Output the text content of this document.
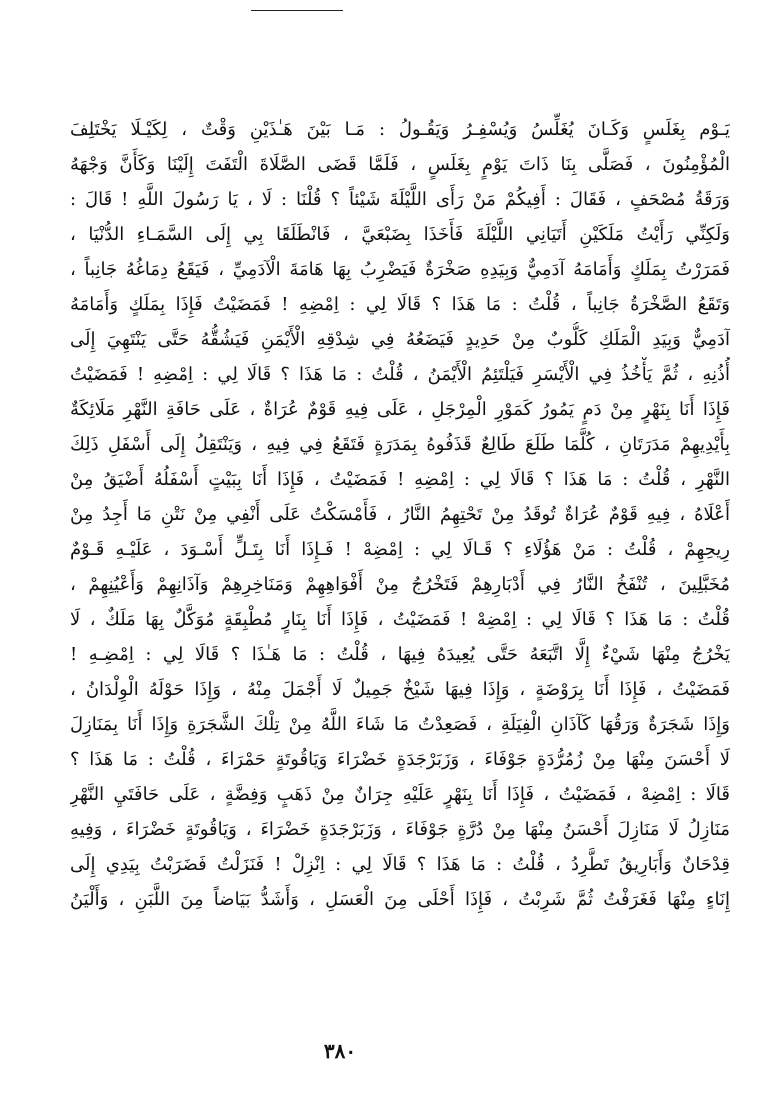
يَـوْم بِغَلَسٍ وَكَـانَ يُغَلِّسُ وَيُسْفِـرُ وَيَقُـولُ : مَـا بَيْنَ هَـٰذَيْنِ وَقْتٌ ، لِكَيْـلَا يَخْتَلِفَ
الْمُؤْمِنُونَ ، فَصَلَّى بِنَا ذَاتَ يَوْمٍ بِغَلَسٍ ، فَلَمَّا قَضَى الصَّلَاةَ الْتَفَتَ إِلَيْنَا وَكَأَنَّ وَجْهَهُ
وَرَقَةُ مُصْحَفٍ ، فَقَالَ : أَفِيكُمْ مَنْ رَأَى اللَّيْلَةَ شَيْئاً ؟ قُلْنَا : لَا ، يَا رَسُولَ اللَّهِ ! قَالَ :
وَلَكِنِّي رَأَيْتُ مَلَكَيْنِ أَتَيَانِي اللَّيْلَةَ فَأَخَذَا بِضَبْعَيَّ ، فَانْطَلَقَا بِي إِلَى السَّمَـاءِ الدُّنْيَا ،
فَمَرَرْتُ بِمَلَكٍ وَأَمَامَهُ آدَمِيٌّ وَبِيَدِهِ صَخْرَةٌ فَيَضْرِبُ بِهَا هَامَةَ الْآدَمِيِّ ، فَيَقَعُ دِمَاغُهُ جَانِباً ،
وَتَقَعُ الصَّخْرَةُ جَانِباً ، قُلْتُ : مَا هَذَا ؟ قَالَا لِي : اِمْضِهِ ! فَمَضَيْتُ فَإِذَا بِمَلَكٍ وَأَمَامَهُ
آدَمِيٌّ وَبِيَدِ الْمَلَكِ كَلُّوبٌ مِنْ حَدِيدٍ فَيَضَعُهُ فِي شِدْقِهِ الْأَيْمَنِ فَيَشُقُّهُ حَتَّى يَنْتَهِيَ إِلَى
أُذُنِهِ ، ثُمَّ يَأْخُذُ فِي الْأَيْسَرِ فَيَلْتَئِمُ الْأَيْمَنُ ، قُلْتُ : مَا هَذَا ؟ قَالَا لِي : اِمْضِهِ ! فَمَضَيْتُ
فَإِذَا أَنَا بِنَهْرٍ مِنْ دَمٍ يَمُورُ كَمَوْرِ الْمِرْجَلِ ، عَلَى فِيهِ قَوْمٌ عُرَاةٌ ، عَلَى حَافَةِ النَّهْرِ مَلَائِكَةٌ
بِأَيْدِيهِمْ مَدَرَتَانِ ، كُلَّمَا طَلَعَ طَالِعٌ قَذَفُوهُ بِمَدَرَةٍ فَتَقَعُ فِي فِيهِ ، وَيَنْتَقِلُ إِلَى أَسْفَلِ ذَلِكَ
النَّهْرِ ، قُلْتُ : مَا هَذَا ؟ قَالَا لِي : اِمْضِهِ ! فَمَضَيْتُ ، فَإِذَا أَنَا بِبَيْتٍ أَسْفَلُهُ أَضْيَقُ مِنْ
أَعْلَاهُ ، فِيهِ قَوْمٌ عُرَاةٌ تُوقَدُ مِنْ تَحْتِهِمُ النَّارُ ، فَأَمْسَكْتُ عَلَى أَنْفِي مِنْ نَتْنِ مَا أَجِدُ مِنْ
رِيحِهِمْ ، قُلْتُ : مَنْ هَؤُلَاءِ ؟ قَـالَا لِي : اِمْضِهْ ! فَـإِذَا أَنَا بِتَـلٍّ أَسْـوَدَ ، عَلَيْـهِ قَـوْمٌ
مُخَبَّلِينَ ، تُنْفَخُ النَّارُ فِي أَدْبَارِهِمْ فَتَخْرُجُ مِنْ أَفْوَاهِهِمْ وَمَنَاخِرِهِمْ وَآذَانِهِمْ وَأَعْيُنِهِمْ ،
قُلْتُ : مَا هَذَا ؟ قَالَا لِي : اِمْضِهْ ! فَمَضَيْتُ ، فَإِذَا أَنَا بِنَارٍ مُطْبِقَةٍ مُوَكَّلٌ بِهَا مَلَكٌ ، لَا
يَخْرُجُ مِنْهَا شَيْءٌ إِلَّا اتَّبَعَهُ حَتَّى يُعِيدَهُ فِيهَا ، قُلْتُ : مَا هَـٰذَا ؟ قَالَا لِي : اِمْضِـهِ !
فَمَضَيْتُ ، فَإِذَا أَنَا بِرَوْضَةٍ ، وَإِذَا فِيهَا شَيْخٌ جَمِيلٌ لَا أَجْمَلَ مِنْهُ ، وَإِذَا حَوْلَهُ الْوِلْدَانُ ،
وَإِذَا شَجَرَةٌ وَرَقُهَا كَآذَانِ الْفِيَلَةِ ، فَصَعِدْتُ مَا شَاءَ اللَّهُ مِنْ تِلْكَ الشَّجَرَةِ وَإِذَا أَنَا بِمَنَازِلَ
لَا أَحْسَنَ مِنْهَا مِنْ زُمُرُّدَةٍ جَوْفَاءَ ، وَزَبَرْجَدَةٍ خَضْرَاءَ وَيَاقُوتَةٍ حَمْرَاءَ ، قُلْتُ : مَا هَذَا ؟
قَالَا : اِمْضِهْ ، فَمَضَيْتُ ، فَإِذَا أَنَا بِنَهْرٍ عَلَيْهِ جِرَانٌ مِنْ ذَهَبٍ وَفِضَّةٍ ، عَلَى حَافَتَيِ النَّهْرِ
مَنَازِلُ لَا مَنَازِلَ أَحْسَنُ مِنْهَا مِنْ دُرَّةٍ جَوْفَاءَ ، وَزَبَرْجَدَةٍ خَضْرَاءَ ، وَيَاقُوتَةٍ خَضْرَاءَ ، وَفِيهِ
قِدْحَانٌ وَأَبَارِيقُ تَطَّرِدُ ، قُلْتُ : مَا هَذَا ؟ قَالَا لِي : اِنْزِلْ ! فَنَزَلْتُ فَضَرَبْتُ بِيَدِي إِلَى
إِنَاءٍ مِنْهَا فَغَرَفْتُ ثُمَّ شَرِبْتُ ، فَإِذَا أَحْلَى مِنَ الْعَسَلِ ، وَأَشَدُّ بَيَاضاً مِنَ اللَّبَنِ ، وَأَلْيَنُ
٣٨٠
